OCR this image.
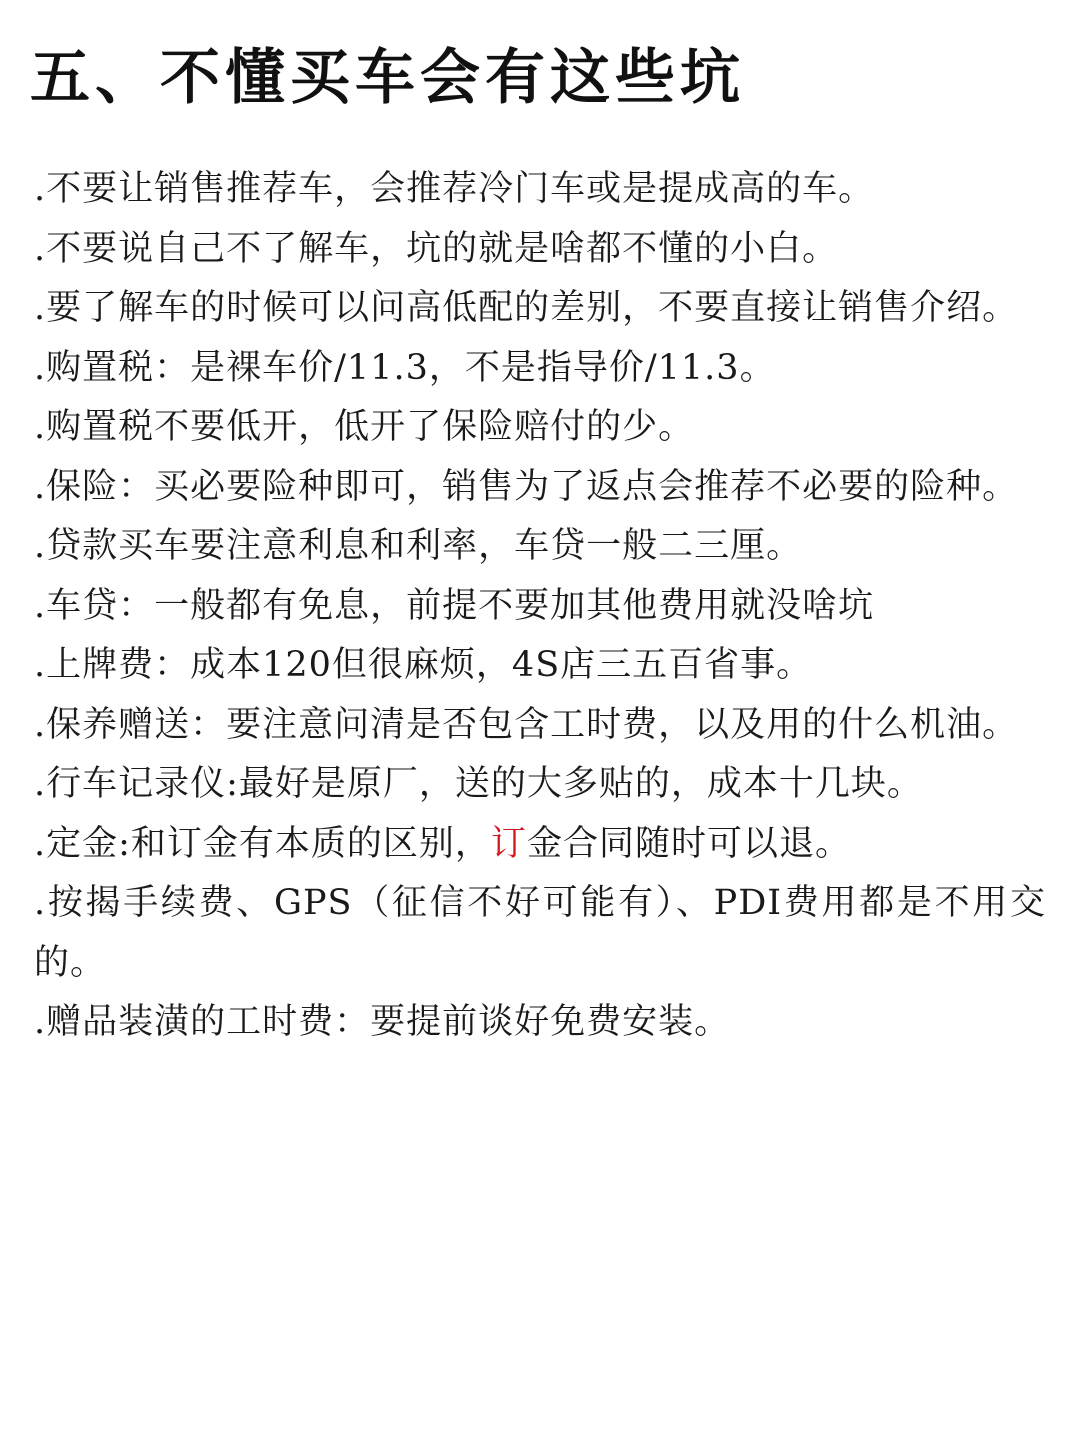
五、不懂买车会有这些坑
.不要让销售推荐车，会推荐冷门车或是提成高的车。
.不要说自己不了解车，坑的就是啥都不懂的小白。
.要了解车的时候可以问高低配的差别，不要直接让销售介绍。
.购置税：是裸车价/11.3，不是指导价/11.3。
.购置税不要低开，低开了保险赔付的少。
.保险：买必要险种即可，销售为了返点会推荐不必要的险种。
.贷款买车要注意利息和利率，车贷一般二三厘。
.车贷：一般都有免息，前提不要加其他费用就没啥坑
.上牌费：成本120但很麻烦，4S店三五百省事。
.保养赠送：要注意问清是否包含工时费，以及用的什么机油。
.行车记录仪:最好是原厂，送的大多贴的，成本十几块。
.定金:和订金有本质的区别，订金合同随时可以退。
.按揭手续费、GPS（征信不好可能有）、PDI费用都是不用交的。
.赠品装潢的工时费：要提前谈好免费安装。
